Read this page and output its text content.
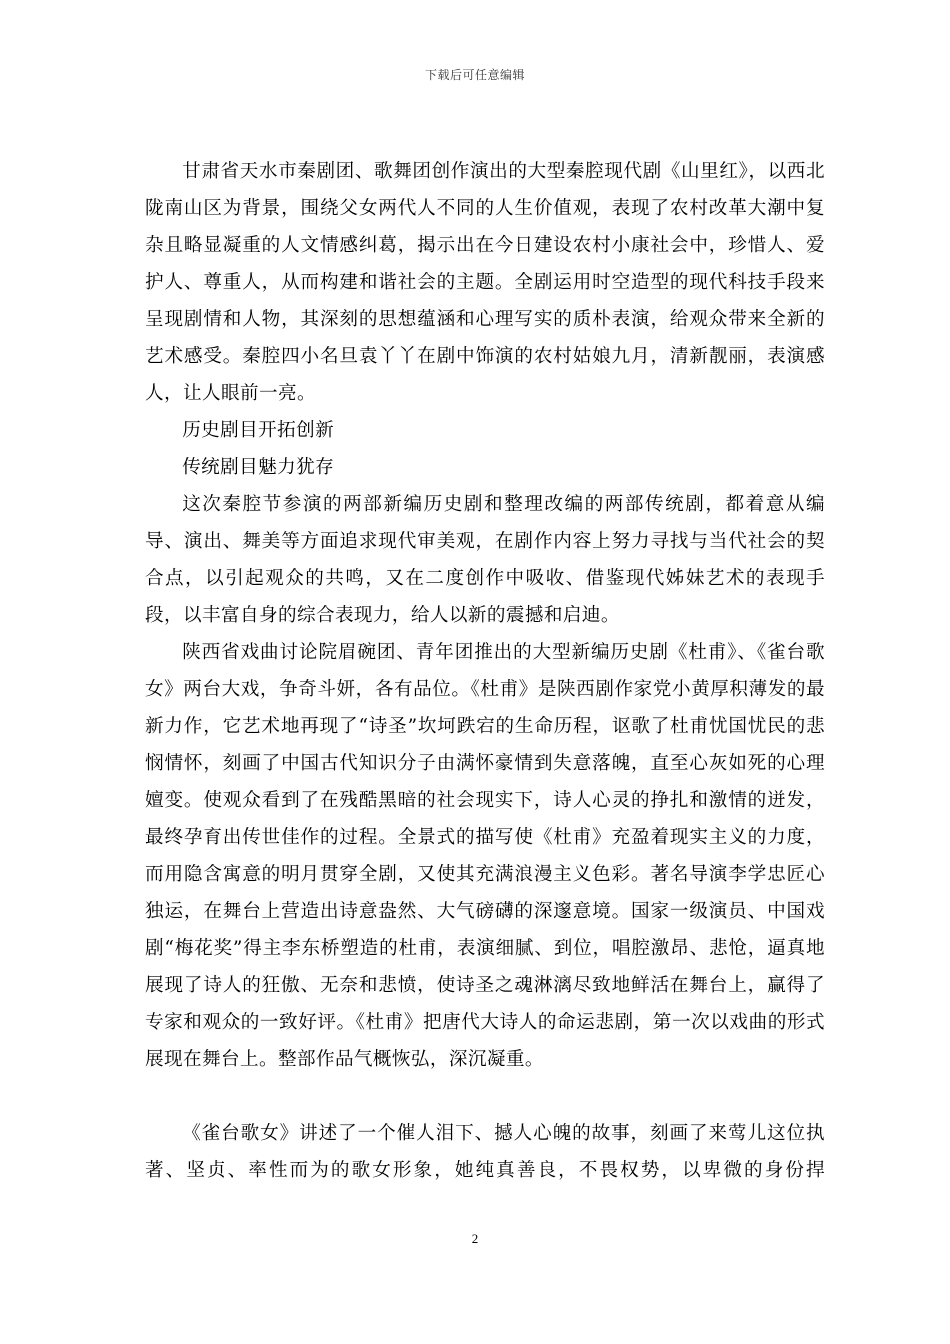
下载后可任意编辑

甘肃省天水市秦剧团、歌舞团创作演出的大型秦腔现代剧《山里红》，以西北陇南山区为背景，围绕父女两代人不同的人生价值观，表现了农村改革大潮中复杂且略显凝重的人文情感纠葛，揭示出在今日建设农村小康社会中，珍惜人、爱护人、尊重人，从而构建和谐社会的主题。全剧运用时空造型的现代科技手段来呈现剧情和人物，其深刻的思想蕴涵和心理写实的质朴表演，给观众带来全新的艺术感受。秦腔四小名旦袁丫丫在剧中饰演的农村姑娘九月，清新靓丽，表演感人，让人眼前一亮。

历史剧目开拓创新

传统剧目魅力犹存

这次秦腔节参演的两部新编历史剧和整理改编的两部传统剧，都着意从编导、演出、舞美等方面追求现代审美观，在剧作内容上努力寻找与当代社会的契合点，以引起观众的共鸣，又在二度创作中吸收、借鉴现代姊妹艺术的表现手段，以丰富自身的综合表现力，给人以新的震撼和启迪。

陕西省戏曲讨论院眉碗团、青年团推出的大型新编历史剧《杜甫》、《雀台歌女》两台大戏，争奇斗妍，各有品位。《杜甫》是陕西剧作家党小黄厚积薄发的最新力作，它艺术地再现了“诗圣”坎坷跌宕的生命历程，讴歌了杜甫忧国忧民的悲悯情怀，刻画了中国古代知识分子由满怀豪情到失意落魄，直至心灰如死的心理嬗变。使观众看到了在残酷黑暗的社会现实下，诗人心灵的挣扎和激情的迸发，最终孕育出传世佳作的过程。全景式的描写使《杜甫》充盈着现实主义的力度，而用隐含寓意的明月贯穿全剧，又使其充满浪漫主义色彩。著名导演李学忠匠心独运，在舞台上营造出诗意盎然、大气磅礴的深邃意境。国家一级演员、中国戏剧“梅花奖”得主李东桥塑造的杜甫，表演细腻、到位，唱腔激昂、悲怆，逼真地展现了诗人的狂傲、无奈和悲愤，使诗圣之魂淋漓尽致地鲜活在舞台上，赢得了专家和观众的一致好评。《杜甫》把唐代大诗人的命运悲剧，第一次以戏曲的形式展现在舞台上。整部作品气概恢弘，深沉凝重。

《雀台歌女》讲述了一个催人泪下、撼人心魄的故事，刻画了来莺儿这位执著、坚贞、率性而为的歌女形象，她纯真善良，不畏权势，以卑微的身份捍

2
